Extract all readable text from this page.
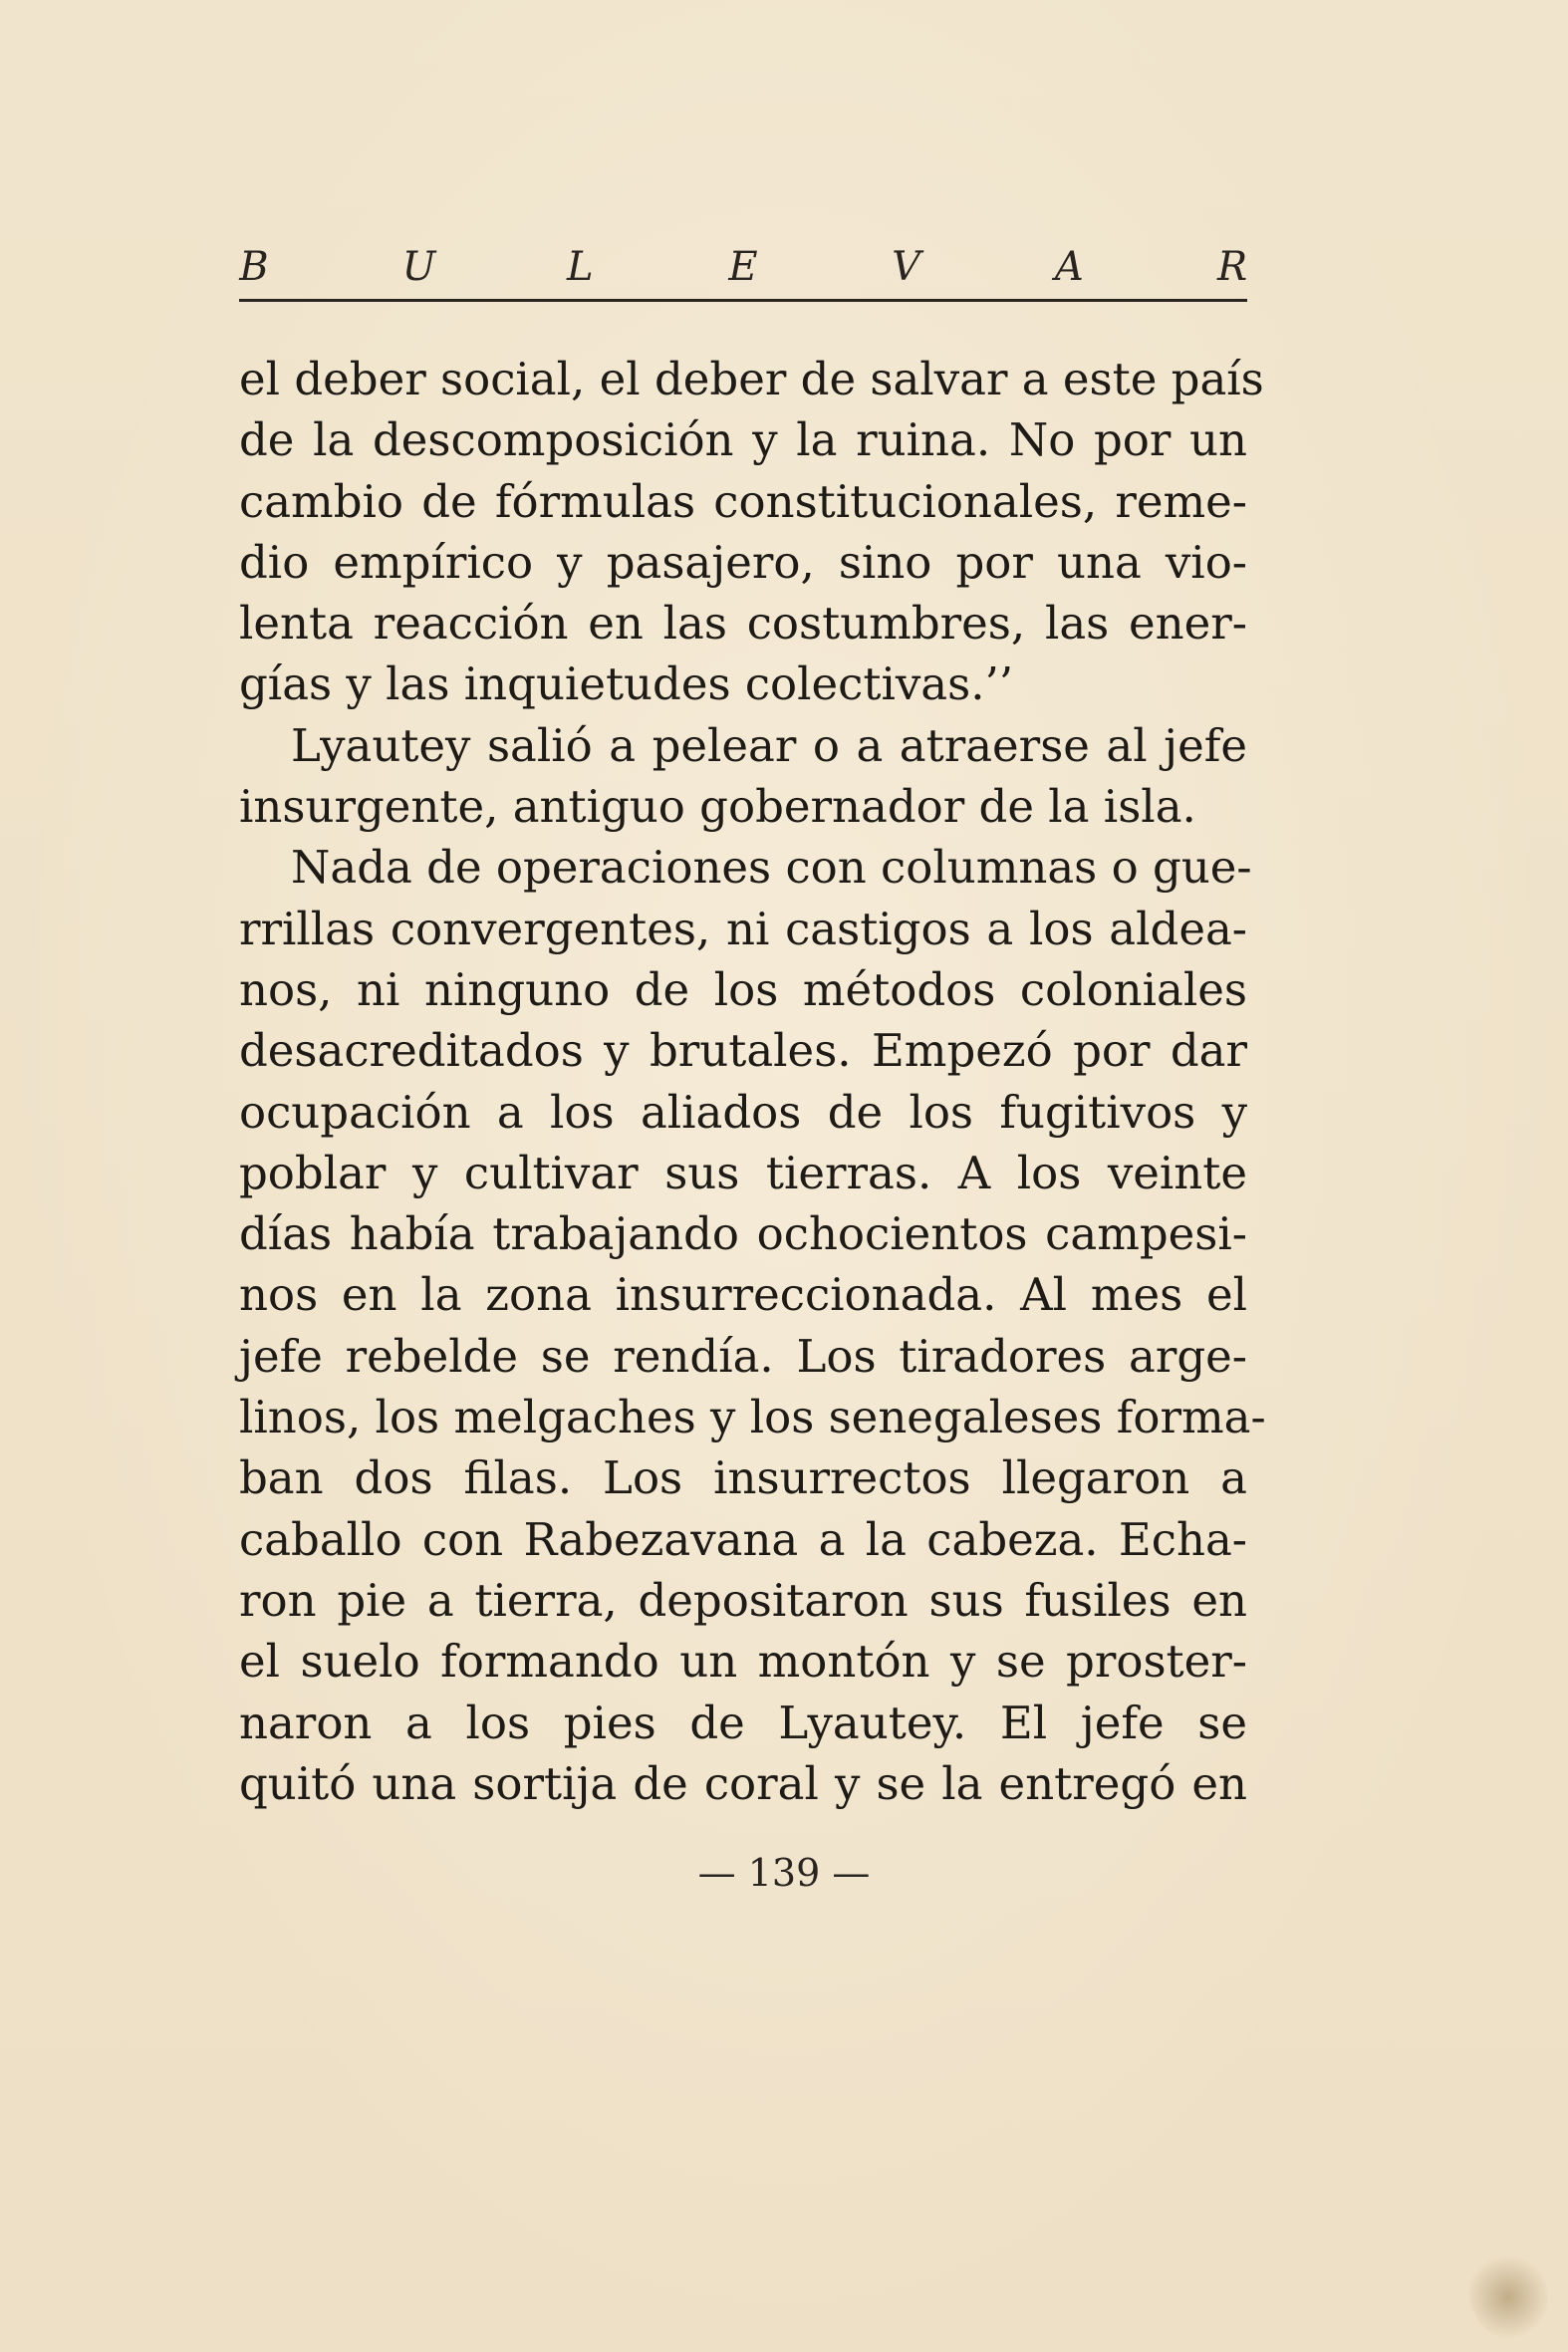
B	U	L	E	V	A	R
el deber social, el deber de salvar a este país
de la descomposición y la ruina. No por un
cambio de fórmulas constitucionales, reme-
dio empírico y pasajero, sino por una vio-
lenta reacción en las costumbres, las ener-
gías y las inquietudes colectivas.’’
Lyautey salió a pelear o a atraerse al jefe
insurgente, antiguo gobernador de la isla.
Nada de operaciones con columnas o gue-
rrillas convergentes, ni castigos a los aldea-
nos, ni ninguno de los métodos coloniales
desacreditados y brutales. Empezó por dar
ocupación a los aliados de los fugitivos y
poblar y cultivar sus tierras. A los veinte
días había trabajando ochocientos campesi-
nos en la zona insurreccionada. Al mes el
jefe rebelde se rendía. Los tiradores arge-
linos, los melgaches y los senegaleses forma-
ban dos filas. Los insurrectos llegaron a
caballo con Rabezavana a la cabeza. Echa-
ron pie a tierra, depositaron sus fusiles en
el suelo formando un montón y se proster-
naron a los pies de Lyautey. El jefe se
quitó una sortija de coral y se la entregó en
— 139 —
